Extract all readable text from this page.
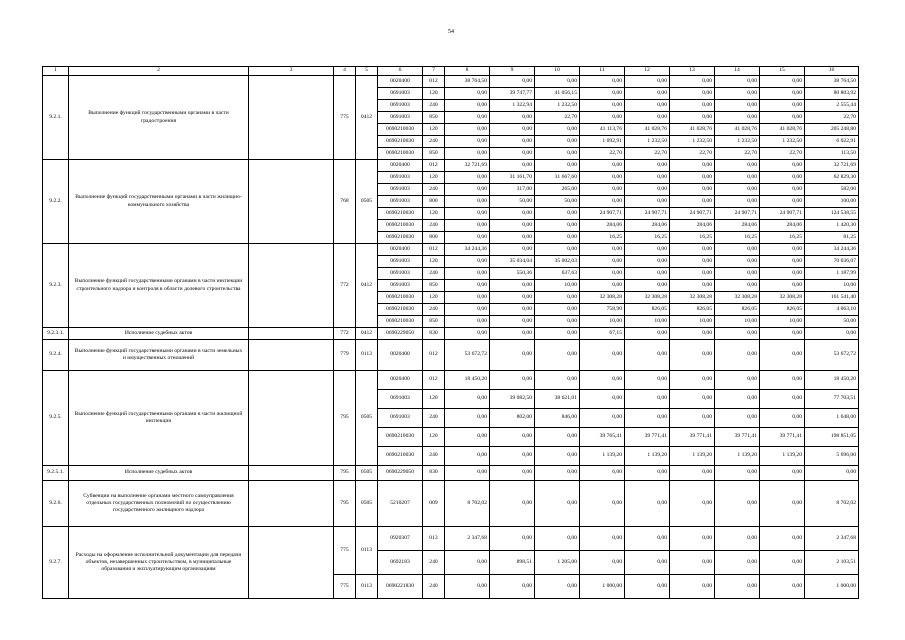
54
1	2	3	4	5	6	7	8	9	10	11	12	13	14	15	16
9.2.1.	Выполнение функций государственными органами в части градостроения		775	0412	0020400	012	38 764,50	0,00	0,00	0,00	0,00	0,00	0,00	0,00	38 764,50
					0691003	120	0,00	39 747,77	41 056,15	0,00	0,00	0,00	0,00	0,00	80 803,92
					0691003	240	0,00	1 322,94	1 232,50	0,00	0,00	0,00	0,00	0,00	2 555,44
					0691003	850	0,00	0,00	22,70	0,00	0,00	0,00	0,00	0,00	22,70
					0690210030	120	0,00	0,00	0,00	41 113,76	41 028,76	41 028,76	41 028,76	41 028,76	205 248,80
					0690210030	240	0,00	0,00	0,00	1 092,91	1 232,50	1 232,50	1 232,50	1 232,50	6 022,91
					0690210030	850	0,00	0,00	0,00	22,70	22,70	22,70	22,70	22,70	113,50
9.2.2.	Выполнение функций государственными органами в части жилищно-коммунального хозяйства		768	0505	0020400	012	32 721,69	0,00	0,00	0,00	0,00	0,00	0,00	0,00	32 721,69
					0691003	120	0,00	31 161,70	31 667,60	0,00	0,00	0,00	0,00	0,00	62 829,30
					0691003	240	0,00	317,00	265,00	0,00	0,00	0,00	0,00	0,00	582,00
					0691003	800	0,00	50,00	50,00	0,00	0,00	0,00	0,00	0,00	100,00
					0690210030	120	0,00	0,00	0,00	24 907,71	24 907,71	24 907,71	24 907,71	24 907,71	124 538,55
					0690210030	240	0,00	0,00	0,00	284,06	284,06	284,06	284,06	284,06	1 420,30
					0690210030	800	0,00	0,00	0,00	16,25	16,25	16,25	16,25	16,25	81,25
9.2.3.	Выполнение функций государственными органами в части инспекции строительного надзора и контроля в области долевого строительства		772	0412	0020400	012	34 244,36	0,00	0,00	0,00	0,00	0,00	0,00	0,00	34 244,36
					0691003	120	0,00	35 034,04	35 002,03	0,00	0,00	0,00	0,00	0,00	70 036,07
					0691003	240	0,00	550,36	637,63	0,00	0,00	0,00	0,00	0,00	1 187,99
					0691003	850	0,00	0,00	10,00	0,00	0,00	0,00	0,00	0,00	10,00
					0690210030	120	0,00	0,00	0,00	32 308,28	32 308,28	32 308,28	32 308,28	32 308,28	161 541,40
					0690210030	240	0,00	0,00	0,00	758,90	826,05	826,05	826,05	826,05	4 063,10
					0690210030	850	0,00	0,00	0,00	10,00	10,00	10,00	10,00	10,00	50,00
9.2.3.1.	Исполнение судебных актов		772	0412	0690229050	830	0,00	0,00	0,00	67,15	0,00	0,00	0,00	0,00	0,00
9.2.4.	Выполнение функций государственными органами в части земельных и имущественных отношений		779	0113	0020400	012	53 672,72	0,00	0,00	0,00	0,00	0,00	0,00	0,00	53 672,72
9.2.5.	Выполнение функций государственными органами в части жилищной инспекции		795	0505	0020400	012	18 450,20	0,00	0,00	0,00	0,00	0,00	0,00	0,00	18 450,20
					0691003	120	0,00	39 082,50	38 621,01	0,00	0,00	0,00	0,00	0,00	77 703,51
					0691003	240	0,00	802,00	846,00	0,00	0,00	0,00	0,00	0,00	1 648,00
					0690210030	120	0,00	0,00	0,00	39 765,41	39 771,41	39 771,41	39 771,41	39 771,41	198 851,05
					0690210030	240	0,00	0,00	0,00	1 139,20	1 139,20	1 139,20	1 139,20	1 139,20	5 696,00
9.2.5.1.	Исполнение судебных актов		795	0505	0690229050	830	0,00	0,00	0,00	6,00	0,00	0,00	0,00	0,00	0,00
9.2.6.	Субвенции на выполнение органами местного самоуправления отдельных государственных полномочий по осуществлению государственного жилищного надзора		795	0505	5210207	009	8 702,02	0,00	0,00	0,00	0,00	0,00	0,00	0,00	8 702,02
9.2.7.	Расходы на оформление исполнительной документации для передачи объектов, незавершенных строительством, в муниципальные образования и эксплуатирующим организациям		775	0113	0920307	013	2 347,68	0,00	0,00	0,00	0,00	0,00	0,00	0,00	2 347,68
					0692183	240	0,00	898,51	1 205,00	0,00	0,00	0,00	0,00	0,00	2 103,51
			775	0113	0690221830	240	0,00	0,00	0,00	1 000,00	0,00	0,00	0,00	0,00	1 000,00
